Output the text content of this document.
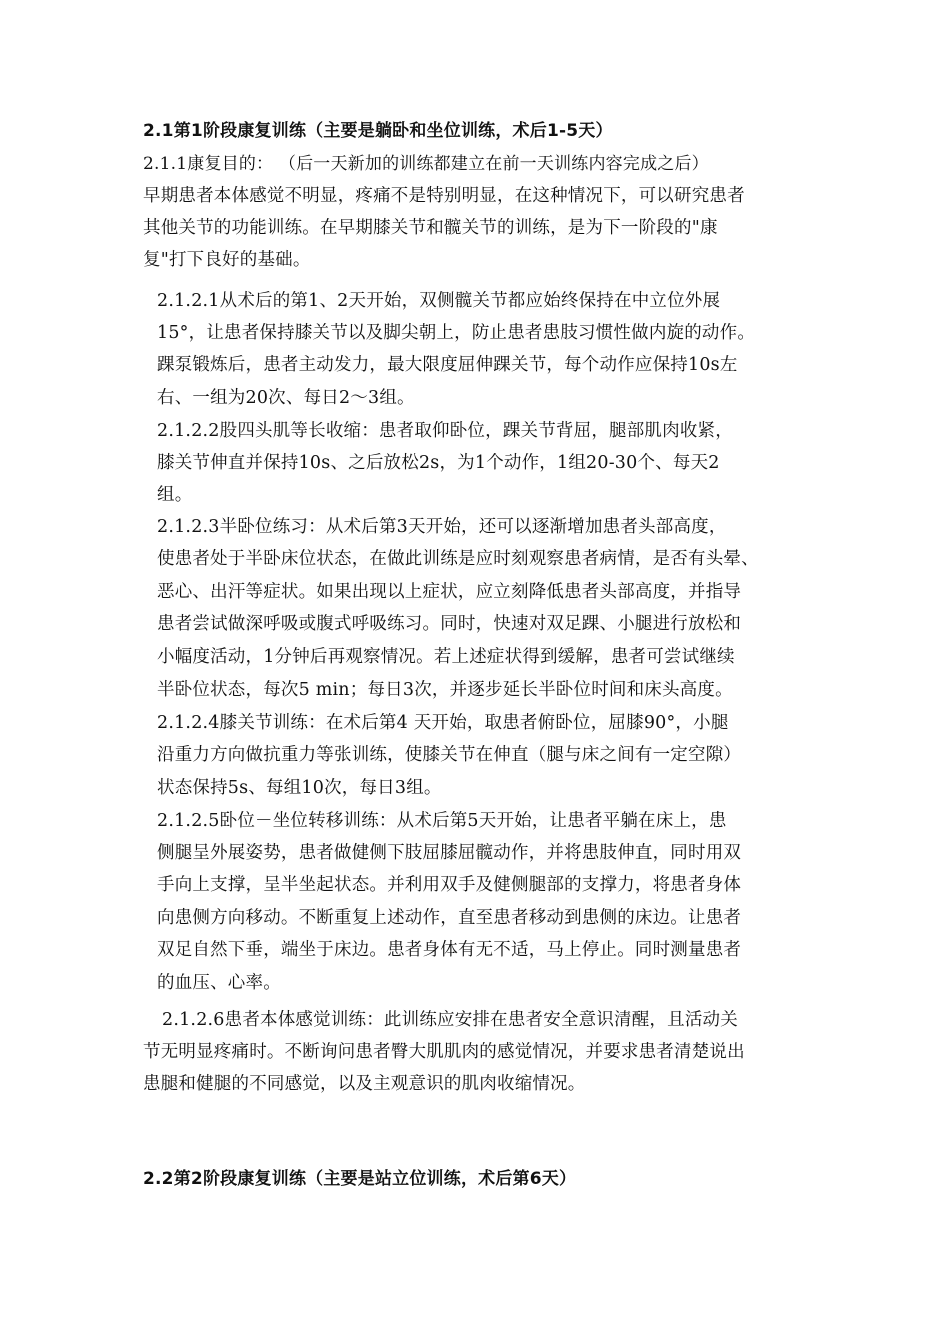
2.1第1阶段康复训练（主要是躺卧和坐位训练，术后1-5天）
2.1.1康复目的： （后一天新加的训练都建立在前一天训练内容完成之后）
早期患者本体感觉不明显，疼痛不是特别明显，在这种情况下，可以研究患者
其他关节的功能训练。在早期膝关节和髋关节的训练，是为下一阶段的"康
复"打下良好的基础。
2.1.2.1从术后的第1、2天开始，双侧髋关节都应始终保持在中立位外展
15°，让患者保持膝关节以及脚尖朝上，防止患者患肢习惯性做内旋的动作。
踝泵锻炼后，患者主动发力，最大限度屈伸踝关节，每个动作应保持10s左
右、一组为20次、每日2～3组。
2.1.2.2股四头肌等长收缩：患者取仰卧位，踝关节背屈，腿部肌肉收紧，
膝关节伸直并保持10s、之后放松2s，为1个动作，1组20-30个、每天2
组。
2.1.2.3半卧位练习：从术后第3天开始，还可以逐渐增加患者头部高度，
使患者处于半卧床位状态，在做此训练是应时刻观察患者病情，是否有头晕、
恶心、出汗等症状。如果出现以上症状，应立刻降低患者头部高度，并指导
患者尝试做深呼吸或腹式呼吸练习。同时，快速对双足踝、小腿进行放松和
小幅度活动，1分钟后再观察情况。若上述症状得到缓解，患者可尝试继续
半卧位状态，每次5 min；每日3次，并逐步延长半卧位时间和床头高度。
2.1.2.4膝关节训练：在术后第4 天开始，取患者俯卧位，屈膝90°，小腿
沿重力方向做抗重力等张训练，使膝关节在伸直（腿与床之间有一定空隙）
状态保持5s、每组10次，每日3组。
2.1.2.5卧位－坐位转移训练：从术后第5天开始，让患者平躺在床上，患
侧腿呈外展姿势，患者做健侧下肢屈膝屈髋动作，并将患肢伸直，同时用双
手向上支撑，呈半坐起状态。并利用双手及健侧腿部的支撑力，将患者身体
向患侧方向移动。不断重复上述动作，直至患者移动到患侧的床边。让患者
双足自然下垂，端坐于床边。患者身体有无不适，马上停止。同时测量患者
的血压、心率。
2.1.2.6患者本体感觉训练：此训练应安排在患者安全意识清醒，且活动关
节无明显疼痛时。不断询问患者臀大肌肌肉的感觉情况，并要求患者清楚说出
患腿和健腿的不同感觉，以及主观意识的肌肉收缩情况。
2.2第2阶段康复训练（主要是站立位训练，术后第6天）
